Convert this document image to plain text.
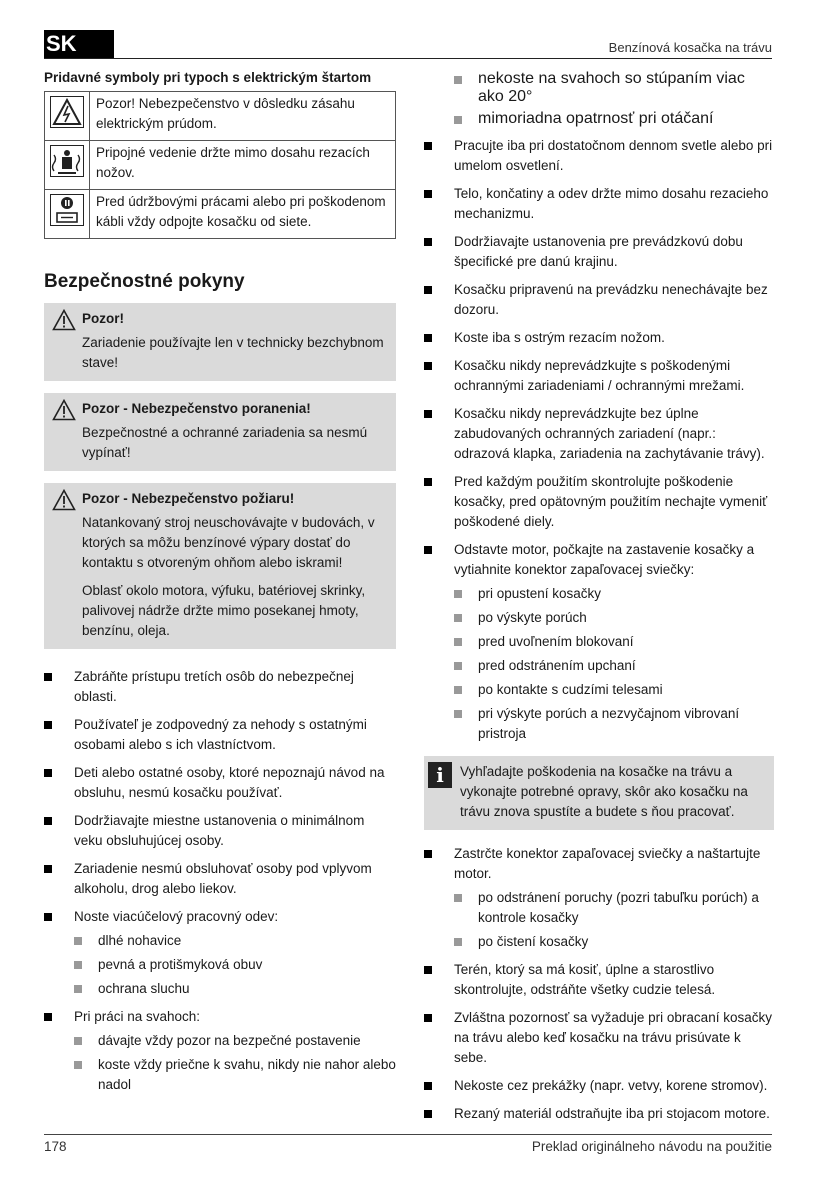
SK	Benzínová kosačka na trávu
Pridavné symboly pri typoch s elektrickým štartom
	Pozor! Nebezpečenstvo v dôsledku zásahu elektrickým prúdom.
	Pripojné vedenie držte mimo dosahu rezacích nožov.
	Pred údržbovými prácami alebo pri poškodenom kábli vždy odpojte kosačku od siete.
Bezpečnostné pokyny
Pozor!

Zariadenie používajte len v technicky bezchybnom stave!

Pozor - Nebezpečenstvo poranenia!

Bezpečnostné a ochranné zariadenia sa nesmú vypínať!

Pozor - Nebezpečenstvo požiaru!

Natankovaný stroj neuschovávajte v budovách, v ktorých sa môžu benzínové výpary dostať do kontaktu s otvoreným ohňom alebo iskrami!

Oblasť okolo motora, výfuku, batériovej skrinky, palivovej nádrže držte mimo posekanej hmoty, benzínu, oleja.

Zabráňte prístupu tretích osôb do nebezpečnej oblasti.
Používateľ je zodpovedný za nehody s ostatnými osobami alebo s ich vlastníctvom.
Deti alebo ostatné osoby, ktoré nepoznajú návod na obsluhu, nesmú kosačku používať.
Dodržiavajte miestne ustanovenia o minimálnom veku obsluhujúcej osoby.
Zariadenie nesmú obsluhovať osoby pod vplyvom alkoholu, drog alebo liekov.
Noste viacúčelový pracovný odev:
dlhé nohavice
pevná a protišmyková obuv
ochrana sluchu
Pri práci na svahoch:
dávajte vždy pozor na bezpečné postavenie
koste vždy priečne k svahu, nikdy nie nahor alebo nadol
nekoste na svahoch so stúpaním viac ako 20°
mimoriadna opatrnosť pri otáčaní
Pracujte iba pri dostatočnom dennom svetle alebo pri umelom osvetlení.
Telo, končatiny a odev držte mimo dosahu rezacieho mechanizmu.
Dodržiavajte ustanovenia pre prevádzkovú dobu špecifické pre danú krajinu.
Kosačku pripravenú na prevádzku nenechávajte bez dozoru.
Koste iba s ostrým rezacím nožom.
Kosačku nikdy neprevádzkujte s poškodenými ochrannými zariadeniami / ochrannými mrežami.
Kosačku nikdy neprevádzkujte bez úplne zabudovaných ochranných zariadení (napr.: odrazová klapka, zariadenia na zachytávanie trávy).
Pred každým použitím skontrolujte poškodenie kosačky, pred opätovným použitím nechajte vymeniť poškodené diely.
Odstavte motor, počkajte na zastavenie kosačky a vytiahnite konektor zapaľovacej sviečky:
pri opustení kosačky
po výskyte porúch
pred uvoľnením blokovaní
pred odstránením upchaní
po kontakte s cudzími telesami
pri výskyte porúch a nezvyčajnom vibrovaní pristroja
i	Vyhľadajte poškodenia na kosačke na trávu a vykonajte potrebné opravy, skôr ako kosačku na trávu znova spustíte a budete s ňou pracovať.
Zastrčte konektor zapaľovacej sviečky a naštartujte motor.
po odstránení poruchy (pozri tabuľku porúch) a kontrole kosačky
po čistení kosačky
Terén, ktorý sa má kosiť, úplne a starostlivo skontrolujte, odstráňte všetky cudzie telesá.
Zvláštna pozornosť sa vyžaduje pri obracaní kosačky na trávu alebo keď kosačku na trávu prisúvate k sebe.
Nekoste cez prekážky (napr. vetvy, korene stromov).
Rezaný materiál odstraňujte iba pri stojacom motore.
178	Preklad originálneho návodu na použitie
